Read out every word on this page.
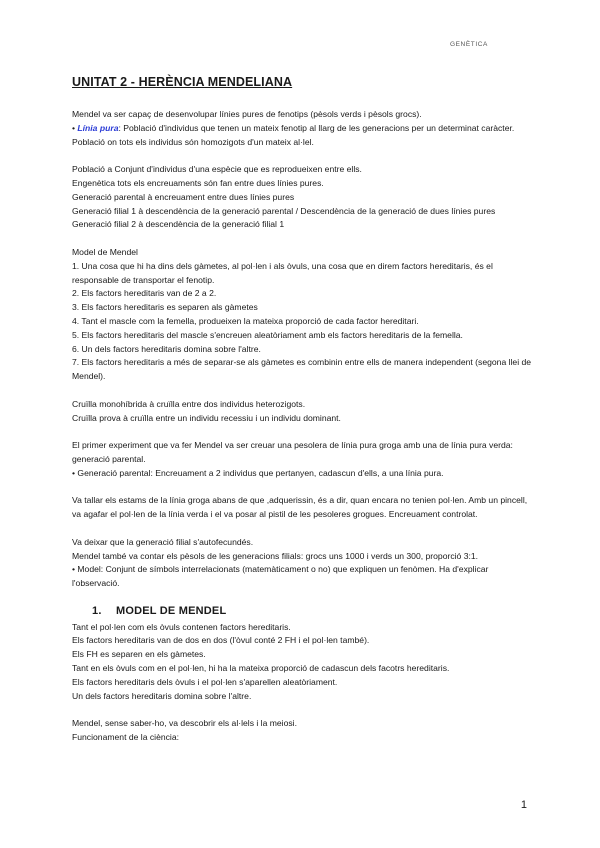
GENÈTICA
UNITAT 2 - HERÈNCIA MENDELIANA

Mendel va ser capaç de desenvolupar línies pures de fenotips (pèsols verds i pèsols grocs).

• Línia pura: Població d'individus que tenen un mateix fenotip al llarg de les generacions per un determinat caràcter. Població on tots els individus són homozigots d'un mateix al·lel.

Població a Conjunt d'individus d'una espècie que es reprodueixen entre ells.

Engenètica tots els encreuaments són fan entre dues línies pures.

Generació parental à encreuament entre dues línies pures

Generació filial 1 à descendència de la generació parental / Descendència de la generació de dues línies pures

Generació filial 2 à descendència de la generació filial 1

Model de Mendel

1. Una cosa que hi ha dins dels gàmetes, al pol·len i als òvuls, una cosa que en direm factors hereditaris, és el responsable de transportar el fenotip.

2. Els factors hereditaris van de 2 a 2.

3. Els factors hereditaris es separen als gàmetes

4. Tant el mascle com la femella, produeixen la mateixa proporció de cada factor hereditari.

5. Els factors hereditaris del mascle s'encreuen aleatòriament amb els factors hereditaris de la femella.

6. Un dels factors hereditaris domina sobre l'altre.

7. Els factors hereditaris a més de separar-se als gàmetes es combinin entre ells de manera independent (segona llei de Mendel).

Cruïlla monohíbrida à cruïlla entre dos individus heterozigots.

Cruïlla prova à cruïlla entre un individu recessiu i un individu dominant.

El primer experiment que va fer Mendel va ser creuar una pesolera de línia pura groga amb una de línia pura verda: generació parental.

• Generació parental: Encreuament a 2 individus que pertanyen, cadascun d'ells, a una línia pura.

Va tallar els estams de la línia groga abans de que ,adquerissin, és a dir, quan encara no tenien pol·len. Amb un pincell, va agafar el pol·len de la línia verda i el va posar al pistil de les pesoleres grogues. Encreuament controlat.

Va deixar que la generació filial s'autofecundés.

Mendel també va contar els pèsols de les generacions filials: grocs uns 1000 i verds un 300, proporció 3:1.

• Model: Conjunt de símbols interrelacionats (matemàticament o no) que expliquen un fenòmen. Ha d'explicar l'observació.

1. MODEL DE MENDEL

Tant el pol·len com els òvuls contenen factors hereditaris.

Els factors hereditaris van de dos en dos (l'òvul conté 2 FH i el pol·len també).

Els FH es separen en els gàmetes.

Tant en els òvuls com en el pol·len, hi ha la mateixa proporció de cadascun dels facotrs hereditaris.

Els factors hereditaris dels òvuls i el pol·len s'aparellen aleatòriament.

Un dels factors hereditaris domina sobre l'altre.

Mendel, sense saber-ho, va descobrir els al·lels i la meiosi.

Funcionament de la ciència:

1
